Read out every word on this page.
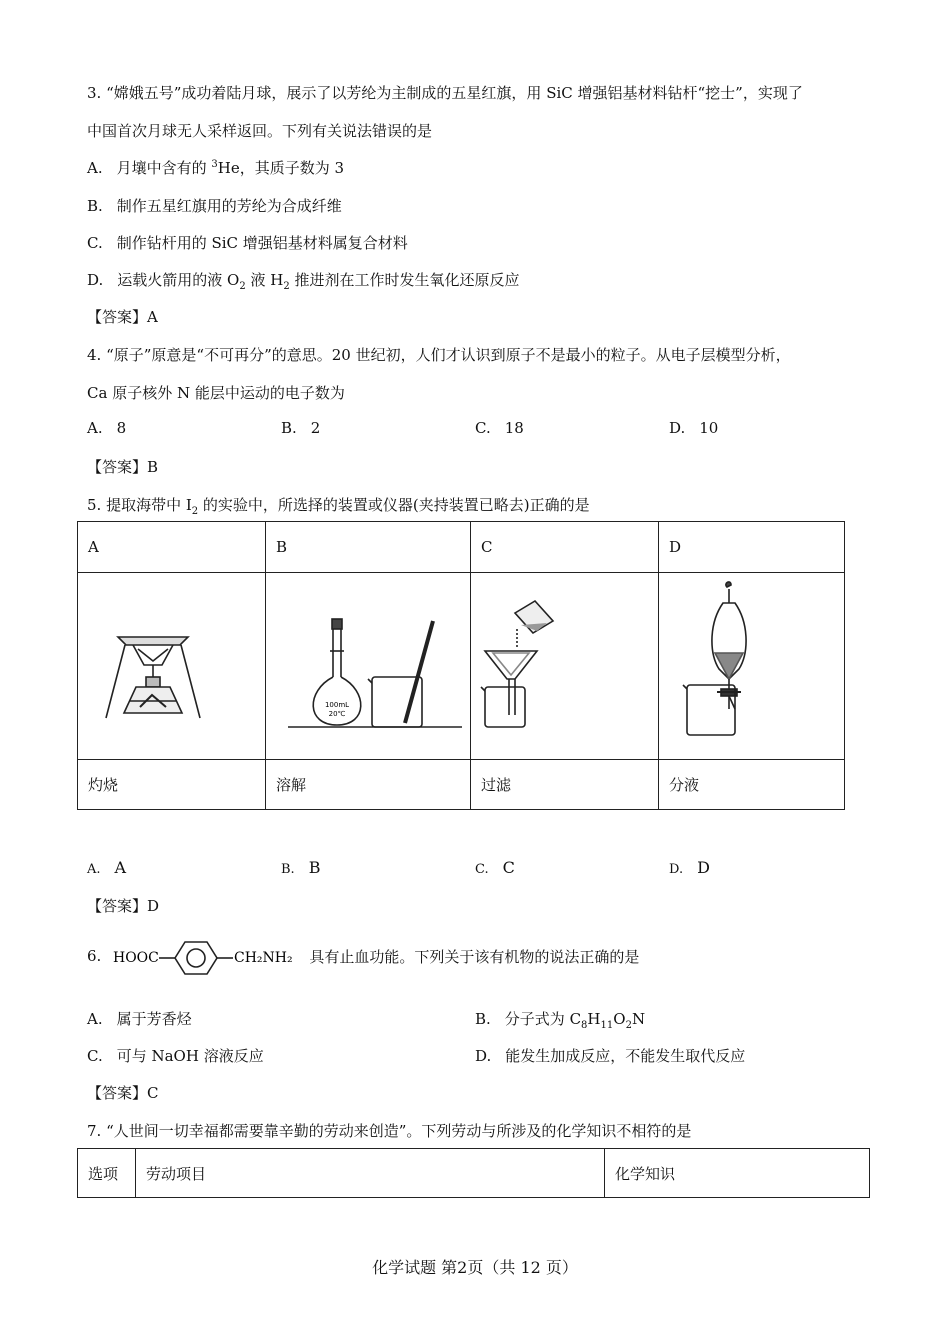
3. “嫦娥五号”成功着陆月球，展示了以芳纶为主制成的五星红旗，用 SiC 增强铝基材料钻杆“挖士”，实现了
中国首次月球无人采样返回。下列有关说法错误的是
A. 月壤中含有的 $^3$He，其质子数为 3
B. 制作五星红旗用的芳纶为合成纤维
C. 制作钻杆用的 SiC 增强铝基材料属复合材料
D. 运载火箭用的液 $O_2$ 液 $H_2$ 推进剂在工作时发生氧化还原反应
【答案】A
4. “原子”原意是“不可再分”的意思。20 世纪初，人们才认识到原子不是最小的粒子。从电子层模型分析，
Ca 原子核外 N 能层中运动的电子数为
A. 8	B. 2	C. 18	D. 10
【答案】B
5. 提取海带中 $I_2$ 的实验中，所选择的装置或仪器(夹持装置已略去)正确的是
A	B	C	D

100mL
20℃

灼烧	溶解	过滤	分液
A. A	B. B	C. C	D. D
【答案】D
6. HOOC	CH₂NH₂ 具有止血功能。下列关于该有机物的说法正确的是
A. 属于芳香烃	B. 分子式为 $C_8H_{11}O_2N$
C. 可与 NaOH 溶液反应	D. 能发生加成反应，不能发生取代反应
【答案】C
7. “人世间一切幸福都需要靠辛勤的劳动来创造”。下列劳动与所涉及的化学知识不相符的是
选项	劳动项目	化学知识
化学试题 第2页（共 12 页）
